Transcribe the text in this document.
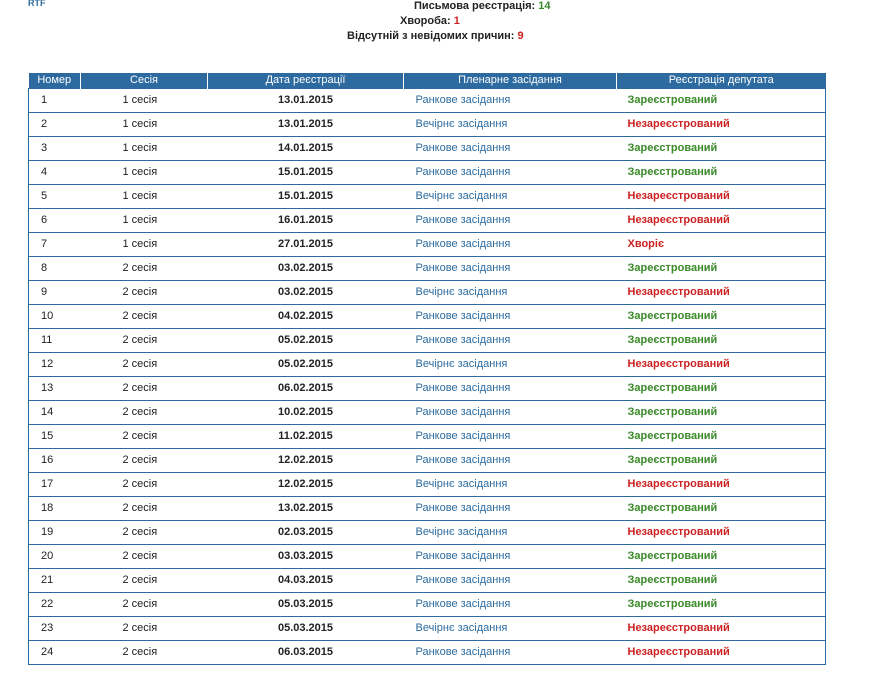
RTF	Письмова реєстрація: 14
Хвороба: 1
Відсутній з невідомих причин: 9
Номер	Сесія	Дата реєстрації	Пленарне засідання	Реєстрація депутата
1	1 сесія	13.01.2015	Ранкове засідання	Зареєстрований
2	1 сесія	13.01.2015	Вечірнє засідання	Незареєстрований
3	1 сесія	14.01.2015	Ранкове засідання	Зареєстрований
4	1 сесія	15.01.2015	Ранкове засідання	Зареєстрований
5	1 сесія	15.01.2015	Вечірнє засідання	Незареєстрований
6	1 сесія	16.01.2015	Ранкове засідання	Незареєстрований
7	1 сесія	27.01.2015	Ранкове засідання	Хворіє
8	2 сесія	03.02.2015	Ранкове засідання	Зареєстрований
9	2 сесія	03.02.2015	Вечірнє засідання	Незареєстрований
10	2 сесія	04.02.2015	Ранкове засідання	Зареєстрований
11	2 сесія	05.02.2015	Ранкове засідання	Зареєстрований
12	2 сесія	05.02.2015	Вечірнє засідання	Незареєстрований
13	2 сесія	06.02.2015	Ранкове засідання	Зареєстрований
14	2 сесія	10.02.2015	Ранкове засідання	Зареєстрований
15	2 сесія	11.02.2015	Ранкове засідання	Зареєстрований
16	2 сесія	12.02.2015	Ранкове засідання	Зареєстрований
17	2 сесія	12.02.2015	Вечірнє засідання	Незареєстрований
18	2 сесія	13.02.2015	Ранкове засідання	Зареєстрований
19	2 сесія	02.03.2015	Вечірнє засідання	Незареєстрований
20	2 сесія	03.03.2015	Ранкове засідання	Зареєстрований
21	2 сесія	04.03.2015	Ранкове засідання	Зареєстрований
22	2 сесія	05.03.2015	Ранкове засідання	Зареєстрований
23	2 сесія	05.03.2015	Вечірнє засідання	Незареєстрований
24	2 сесія	06.03.2015	Ранкове засідання	Незареєстрований
